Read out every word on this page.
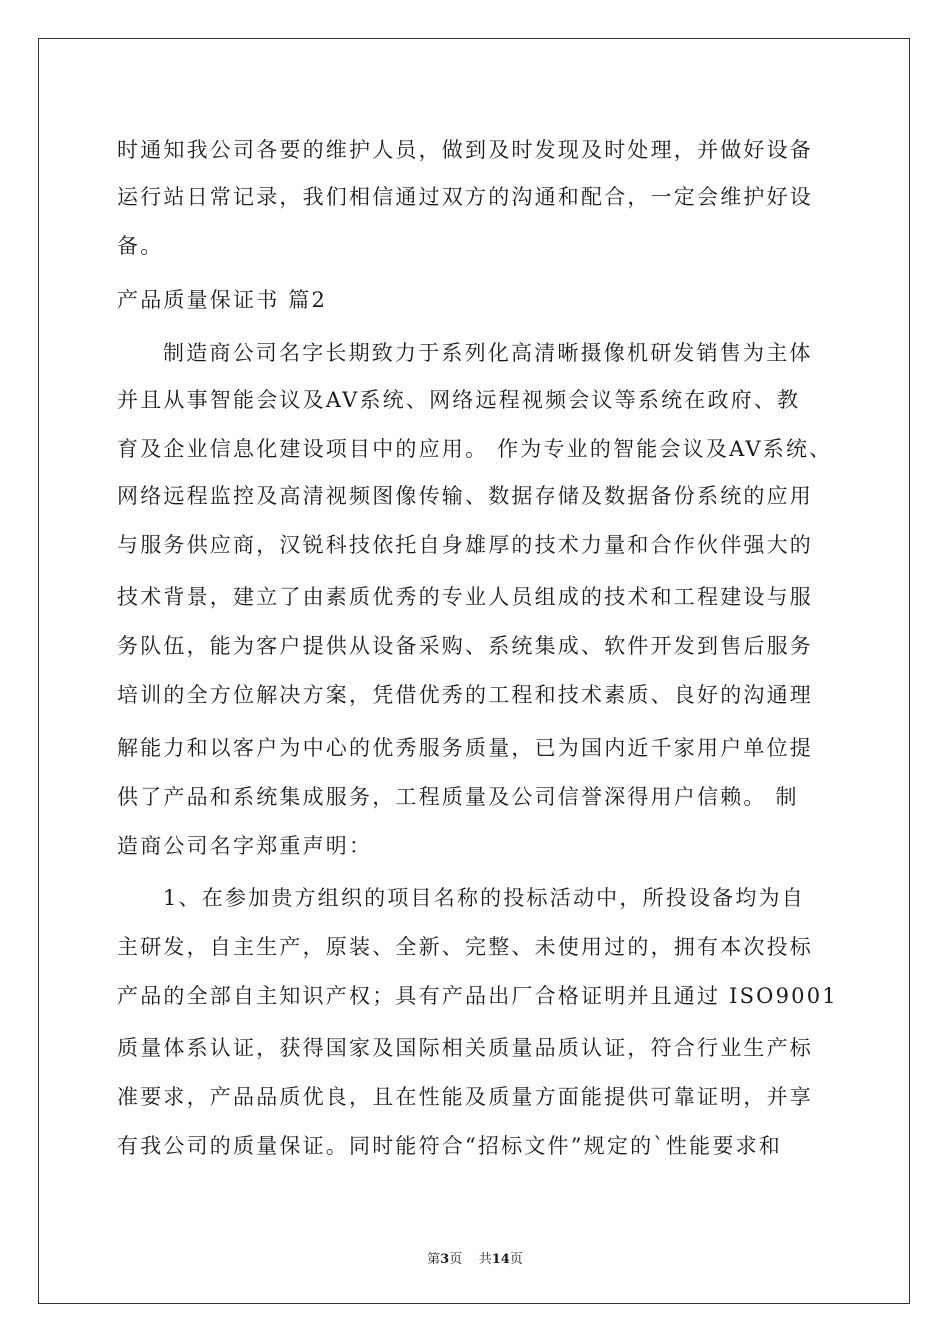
时通知我公司各要的维护人员，做到及时发现及时处理，并做好设备

运行站日常记录，我们相信通过双方的沟通和配合，一定会维护好设

备。

产品质量保证书 篇2

制造商公司名字长期致力于系列化高清晰摄像机研发销售为主体

并且从事智能会议及AV系统、网络远程视频会议等系统在政府、教

育及企业信息化建设项目中的应用。 作为专业的智能会议及AV系统、

网络远程监控及高清视频图像传输、数据存储及数据备份系统的应用

与服务供应商，汉锐科技依托自身雄厚的技术力量和合作伙伴强大的

技术背景，建立了由素质优秀的专业人员组成的技术和工程建设与服

务队伍，能为客户提供从设备采购、系统集成、软件开发到售后服务

培训的全方位解决方案，凭借优秀的工程和技术素质、良好的沟通理

解能力和以客户为中心的优秀服务质量，已为国内近千家用户单位提

供了产品和系统集成服务，工程质量及公司信誉深得用户信赖。 制

造商公司名字郑重声明：

1、在参加贵方组织的项目名称的投标活动中，所投设备均为自

主研发，自主生产，原装、全新、完整、未使用过的，拥有本次投标

产品的全部自主知识产权；具有产品出厂合格证明并且通过 ISO9001

质量体系认证，获得国家及国际相关质量品质认证，符合行业生产标

准要求，产品品质优良，且在性能及质量方面能提供可靠证明，并享

有我公司的质量保证。同时能符合“招标文件”规定的`性能要求和

第3页 共14页
